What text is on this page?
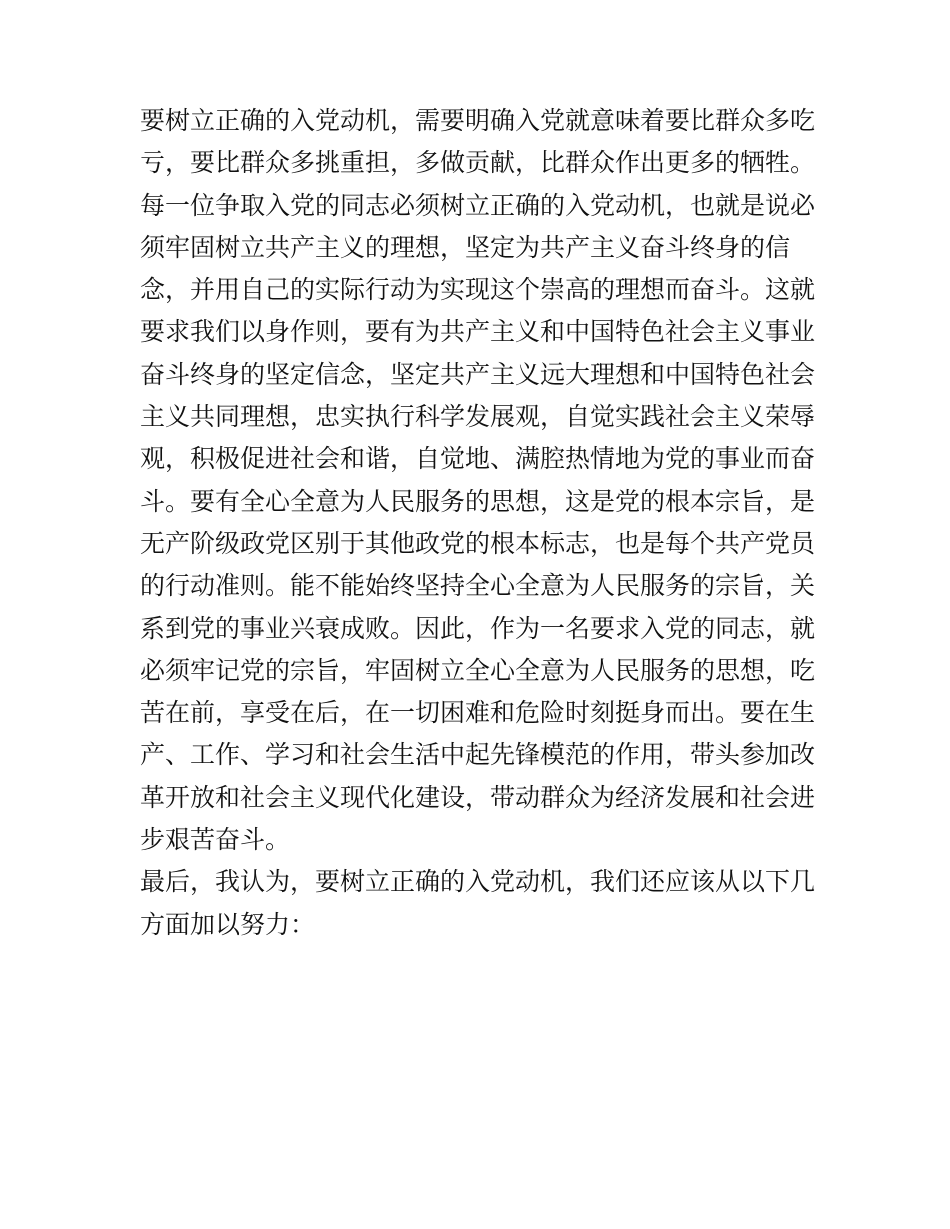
要树立正确的入党动机，需要明确入党就意味着要比群众多吃
亏，要比群众多挑重担，多做贡献，比群众作出更多的牺牲。
每一位争取入党的同志必须树立正确的入党动机，也就是说必
须牢固树立共产主义的理想，坚定为共产主义奋斗终身的信
念，并用自己的实际行动为实现这个崇高的理想而奋斗。这就
要求我们以身作则，要有为共产主义和中国特色社会主义事业
奋斗终身的坚定信念，坚定共产主义远大理想和中国特色社会
主义共同理想，忠实执行科学发展观，自觉实践社会主义荣辱
观，积极促进社会和谐，自觉地、满腔热情地为党的事业而奋
斗。要有全心全意为人民服务的思想，这是党的根本宗旨，是
无产阶级政党区别于其他政党的根本标志，也是每个共产党员
的行动准则。能不能始终坚持全心全意为人民服务的宗旨，关
系到党的事业兴衰成败。因此，作为一名要求入党的同志，就
必须牢记党的宗旨，牢固树立全心全意为人民服务的思想，吃
苦在前，享受在后，在一切困难和危险时刻挺身而出。要在生
产、工作、学习和社会生活中起先锋模范的作用，带头参加改
革开放和社会主义现代化建设，带动群众为经济发展和社会进
步艰苦奋斗。
最后，我认为，要树立正确的入党动机，我们还应该从以下几
方面加以努力：
